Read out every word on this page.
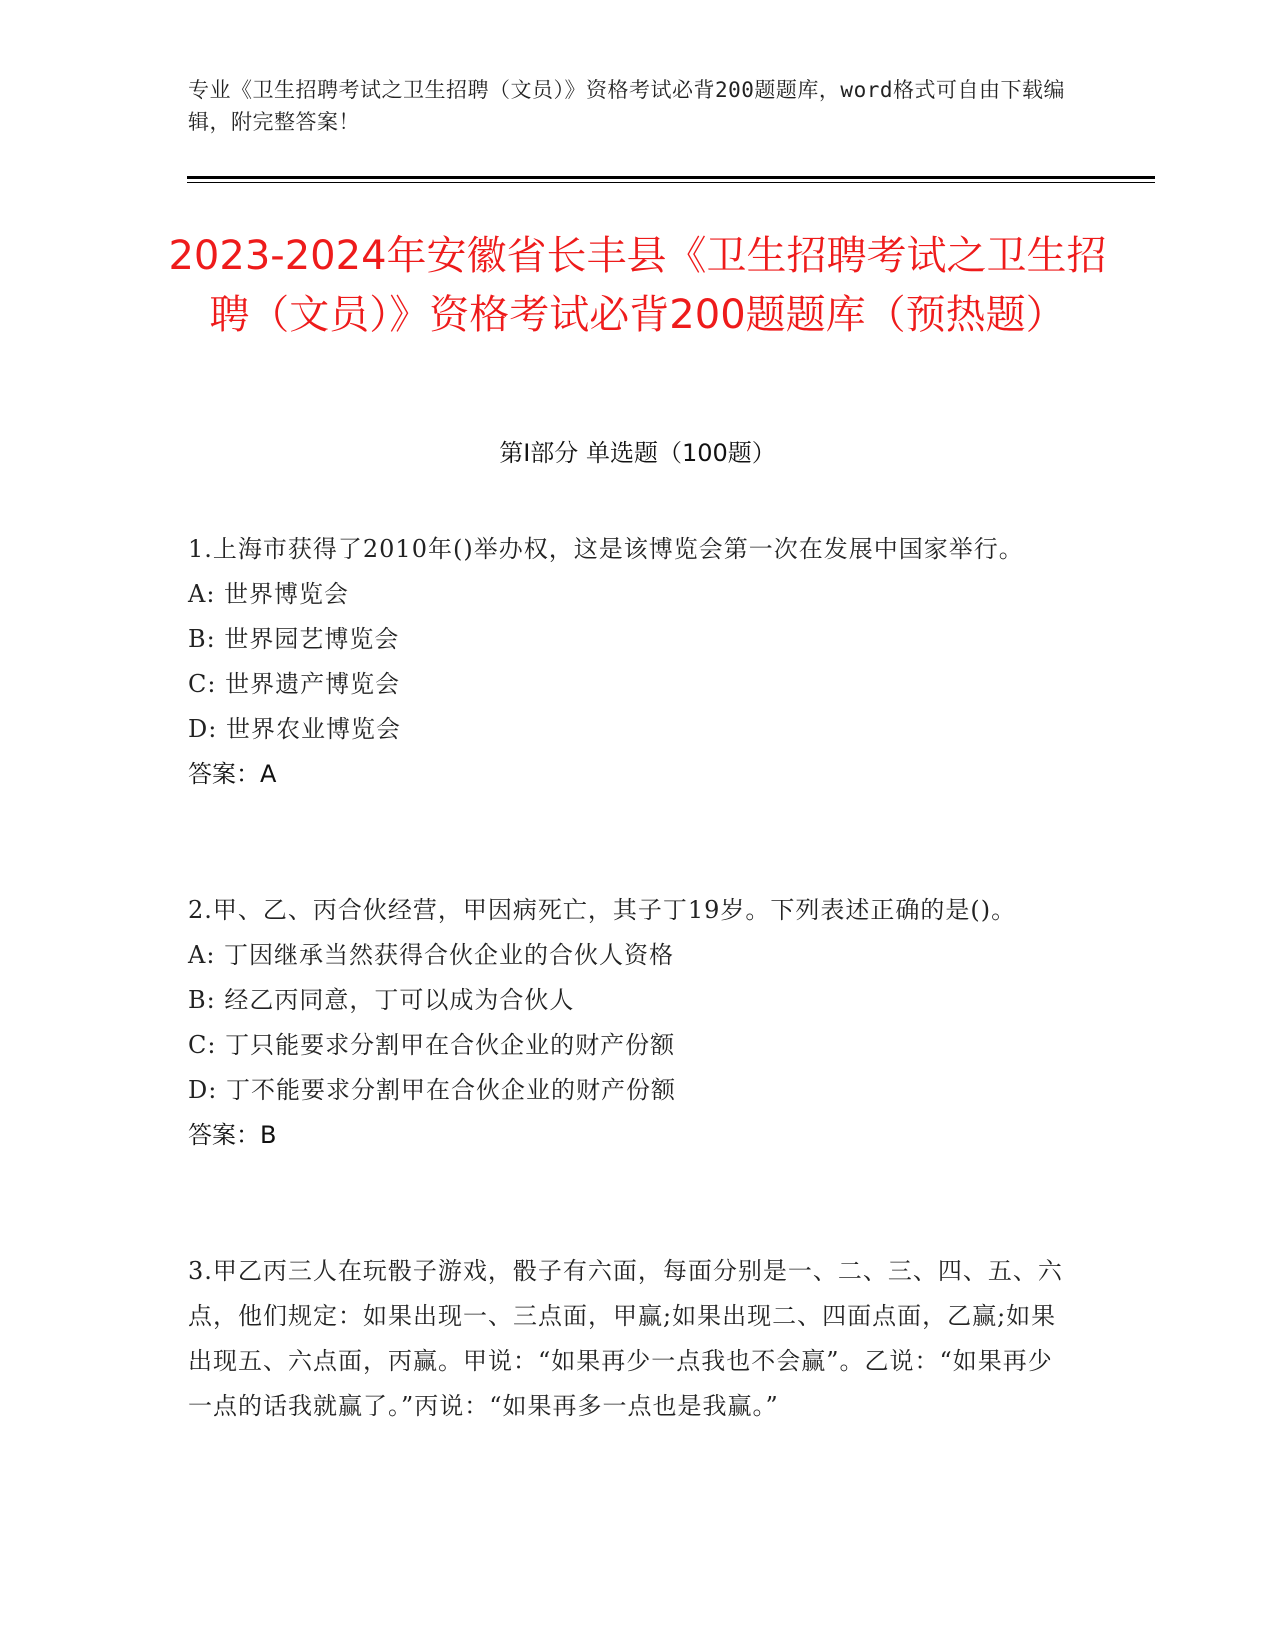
专业《卫生招聘考试之卫生招聘（文员）》资格考试必背200题题库，word格式可自由下载编辑，附完整答案！
2023-2024年安徽省长丰县《卫生招聘考试之卫生招聘（文员）》资格考试必背200题题库（预热题）
第I部分 单选题（100题）
1.上海市获得了2010年()举办权，这是该博览会第一次在发展中国家举行。
A: 世界博览会
B: 世界园艺博览会
C: 世界遗产博览会
D: 世界农业博览会
答案：A
2.甲、乙、丙合伙经营，甲因病死亡，其子丁19岁。下列表述正确的是()。
A: 丁因继承当然获得合伙企业的合伙人资格
B: 经乙丙同意，丁可以成为合伙人
C: 丁只能要求分割甲在合伙企业的财产份额
D: 丁不能要求分割甲在合伙企业的财产份额
答案：B
3.甲乙丙三人在玩骰子游戏，骰子有六面，每面分别是一、二、三、四、五、六点，他们规定：如果出现一、三点面，甲赢;如果出现二、四面点面，乙赢;如果出现五、六点面，丙赢。甲说：“如果再少一点我也不会赢”。乙说：“如果再少一点的话我就赢了。”丙说：“如果再多一点也是我赢。”
